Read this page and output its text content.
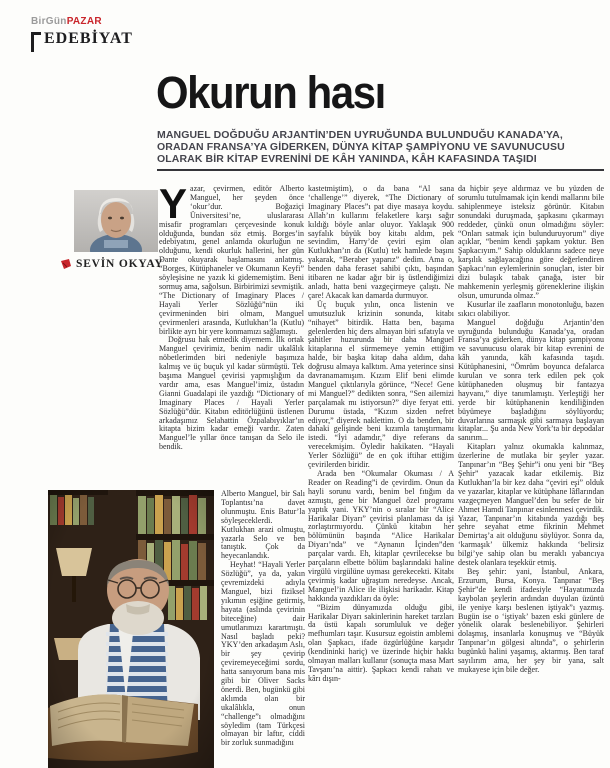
BirGünPAZAR
EDEBİYAT
Okurun hası

MANGUEL DOĞDUĞU ARJANTİN’DEN UYRUĞUNDA BULUNDUĞU KANADA’YA,

ORADAN FRANSA’YA GİDERKEN, DÜNYA KİTAP ŞAMPİYONU VE SAVUNUCUSU

OLARAK BİR KİTAP EVRENİNİ DE KÂH YANINDA, KÂH KAFASINDA TAŞIDI

SEVİN OKYAY
Y azar, çevirmen, editör Alberto Manguel, her şeyden önce ‘okur’dur. Boğaziçi Üniversitesi’ne, uluslararası misafir programları çerçevesinde konuk olduğunda, bundan söz etmiş. Borges’in edebiyatını, genel anlamda okurluğun ne olduğunu, kendi okurluk hallerini, her gün Dante okuyarak başlamasını anlatmış. “Borges, Kütüphaneler ve Okumanın Keyfi” söyleşisine ne yazık ki gidememiştim. Beni sormuş ama, sağolsun. Birbirimizi sevmiştik. “The Dictionary of Imaginary Places / Hayali Yerler Sözlüğü”nün iki çevirmeninden biri olmam, Manguel çevirmenleri arasında, Kutlukhan’la (Kutlu) birlikte ayrı bir yere konmamızı sağlamıştı.

Doğrusu hak etmedik diyemem. İlk ortak Manguel çevirimiz, benim nadir ukalâlık nöbetlerimden biri nedeniyle başımıza kalmış ve üç buçuk yıl kadar sürmüştü. Tek başıma Manguel çevirisi yapmışlığım da vardır ama, esas Manguel’imiz, üstadın Gianni Guadalapi ile yazdığı “Dictionary of Imaginary Places / Hayali Yerler Sözlüğü”dür. Kitabın editörlüğünü üstlenen arkadaşımız Selahattin Özpalabıyıklar’ın kitapta bizim kadar emeği vardır. Zaten Manguel’le yıllar önce tanışan da Selo ile bendik.

Alberto Manguel, bir Salı Toplantısı’na davet olunmuştu. Enis Batur’la söyleşeceklerdi. Kutlukhan arazi olmuştu, yazarla Selo ve ben tanıştık. Çok da heyecanlandık.

Heyhat! “Hayali Yerler Sözlüğü”, ya da, yakın çevremizdeki adıyla Manguel, bizi fiziksel yıkımın eşiğine getirmiş, hayata (aslında çevirinin biteceğine) dair umutlarımızı karartmıştı. Nasıl başladı peki? YKY’den arkadaşım Aslı, bir şey çevirip çeviremeyeceğimi sordu, hatta sanıyorum bana mis gibi bir Oliver Sacks önerdi. Ben, bugünkü gibi aklımda olan bir ukalâlıkla, onun “challenge”ı olmadığını söyledim (tam Türkçesi olmayan bir laftır, ciddi bir zorluk sunmadığını

kastetmiştim), o da bana “Al sana ‘challenge’” diyerek, “The Dictionary of Imaginary Places”ı pat diye masaya koydu. Allah’ın kullarını felaketlere karşı sağır kıldığı böyle anlar oluyor. Yaklaşık 900 sayfalık büyük boy kitabı aldım, pek sevindim, Harry’de çeviri eşim olan Kutlukhan’ın da (Kutlu) tek hamlede başını yakarak, “Beraber yaparız” dedim. Ama o, benden daha feraset sahibi çıktı, başından itibaren ne kadar ağır bir iş üstlendiğimizi anladı, hatta beni vazgeçirmeye çalıştı. Ne çare! Akacak kan damarda durmuyor.

Üç buçuk yılın, onca listenin ve umutsuzluk krizinin sonunda, kitabı “nihayet” bitirdik. Hatta ben, başıma gelenlerden hiç ders almayan biri sıfatıyla ve şahitler huzurunda bir daha Manguel kitaplarına el sürmemeye yemin ettiğim halde, bir başka kitap daha aldım, daha doğrusu almaya kalktım. Ama yeterince sinsi davranamamışım. Kızım Elif beni elimde Manguel çıktılarıyla görünce, “Nece! Gene mi Manguel?” dedikten sonra, “Sen ailemizi parçalamak mı istiyorsun?” diye feryat etti. Durumu üstada, “Kızım sizden nefret ediyor,” diyerek naklettim. O da benden, bir dahaki gelişinde beni kızımla tanıştırmamı istedi. “İyi adamdır,” diye referans da verecekmişim. Öyledir hakikaten. “Hayali Yerler Sözlüğü” de en çok iftihar ettiğim çevirilerden biridir.

Arada ben “Okumalar Okuması / A Reader on Reading”i de çevirdim. Onun da hayli sorunu vardı, benim bel fıtığım da azmıştı, gene bir Manguel özel programı yaptık yani. YKY’nin o sıralar bir “Alice Harikalar Diyarı” çevirisi planlaması da işi zorlaştırmıyordu. Çünkü kitabın her bölümünün başında “Alice Harikalar Diyarı’nda” ve “Aynanın İçinden”den parçalar vardı. Eh, kitaplar çevrilecekse bu parçaların elbette bölüm başlarındaki haline virgülü virgülüne uyması gerekecekti. Kitabı çevirmiş kadar uğraştım neredeyse. Ancak, Manguel’in Alice ile ilişkisi harikadır. Kitap hakkında yazdıkları da öyle:

“Bizim dünyamızda olduğu gibi, Harikalar Diyarı sakinlerinin hareket tarzları da üstü kapalı sorumluluk ve değer mefhumları taşır. Kusursuz egoistin amblemi olan Şapkacı, ifade özgürlüğüne karşıdır (kendininki hariç) ve üzerinde hiçbir hakkı olmayan malları kullanır (sonuçta masa Mart Tavşanı’na aittir). Şapkacı kendi rahatı ve kârı dışın-

da hiçbir şeye aldırmaz ve bu yüzden de sorumlu tutulmamak için kendi mallarını bile sahiplenmeye isteksiz görünür. Kitabın sonundaki duruşmada, şapkasını çıkarmayı reddeder, çünkü onun olmadığını söyler: “Onları satmak için bulunduruyorum” diye açıklar, “benim kendi şapkam yoktur. Ben Şapkacıyım.” Sahip olduklarını sadece neye karşılık sağlayacağına göre değerlendiren Şapkacı’nın eylemlerinin sonuçları, ister bir dizi bulaşık tabak çanağa, ister bir mahkemenin yerleşmiş göreneklerine ilişkin olsun, umurunda olmaz.”

Kusurlar ile zaafların monotonluğu, bazen sıkıcı olabiliyor.

Manguel doğduğu Arjantin’den uyruğunda bulunduğu Kanada’ya, oradan Fransa’ya giderken, dünya kitap şampiyonu ve savunucusu olarak bir kitap evrenini de kâh yanında, kâh kafasında taşıdı. Kütüphanesini, “Ömrüm boyunca defalarca kurulan ve sonra terk edilen pek çok kütüphaneden oluşmuş bir fantazya hayvanı,” diye tanımlamıştı. Yerleştiği her yerde bir kütüphanenin kendiliğinden büyümeye başladığını söylüyordu; duvarlarına sarmaşık gibi sarmaya başlayan kitaplar... Şu anda New York’ta bir depodalar sanırım...

Kitapları yalnız okumakla kalınmaz, üzerlerine de mutlaka bir şeyler yazar. Tanpınar’ın “Beş Şehir”i onu yeni bir “Beş Şehir” yazacak kadar etkilemiş. Biz Kutlukhan’la bir kez daha “çeviri eşi” olduk ve yazarlar, kitaplar ve kütüphane lâflarından vazgeçmeyen Manguel’den bu sefer de bir Ahmet Hamdi Tanpınar esinlenmesi çevirdik. Yazar, Tanpınar’ın kitabında yazdığı beş şehre seyahat etme fikrinin Mehmet Demirtaş’a ait olduğunu söylüyor. Sonra da, ‘karmaşık’ ülkemiz hakkında ‘belirsiz bilgi’ye sahip olan bu meraklı yabancıya destek olanlara teşekkür etmiş.

Beş şehir: yani, İstanbul, Ankara, Erzurum, Bursa, Konya. Tanpınar “Beş Şehir”de kendi ifadesiyle “Hayatımızda kaybolan şeylerin ardından duyulan üzüntü ile yeniye karşı beslenen iştiyak”ı yazmış. Bugün ise o ‘iştiyak’ bazen eski günlere de yönelik olarak beslenebiliyor. Şehirleri dolaşmış, insanlarla konuşmuş ve “Büyük Tanpınar’ın gölgesi altında”, o şehirlerin bugünkü halini yaşamış, aktarmış. Ben taraf sayılırım ama, her şey bir yana, salt mukayese için bile değer.
